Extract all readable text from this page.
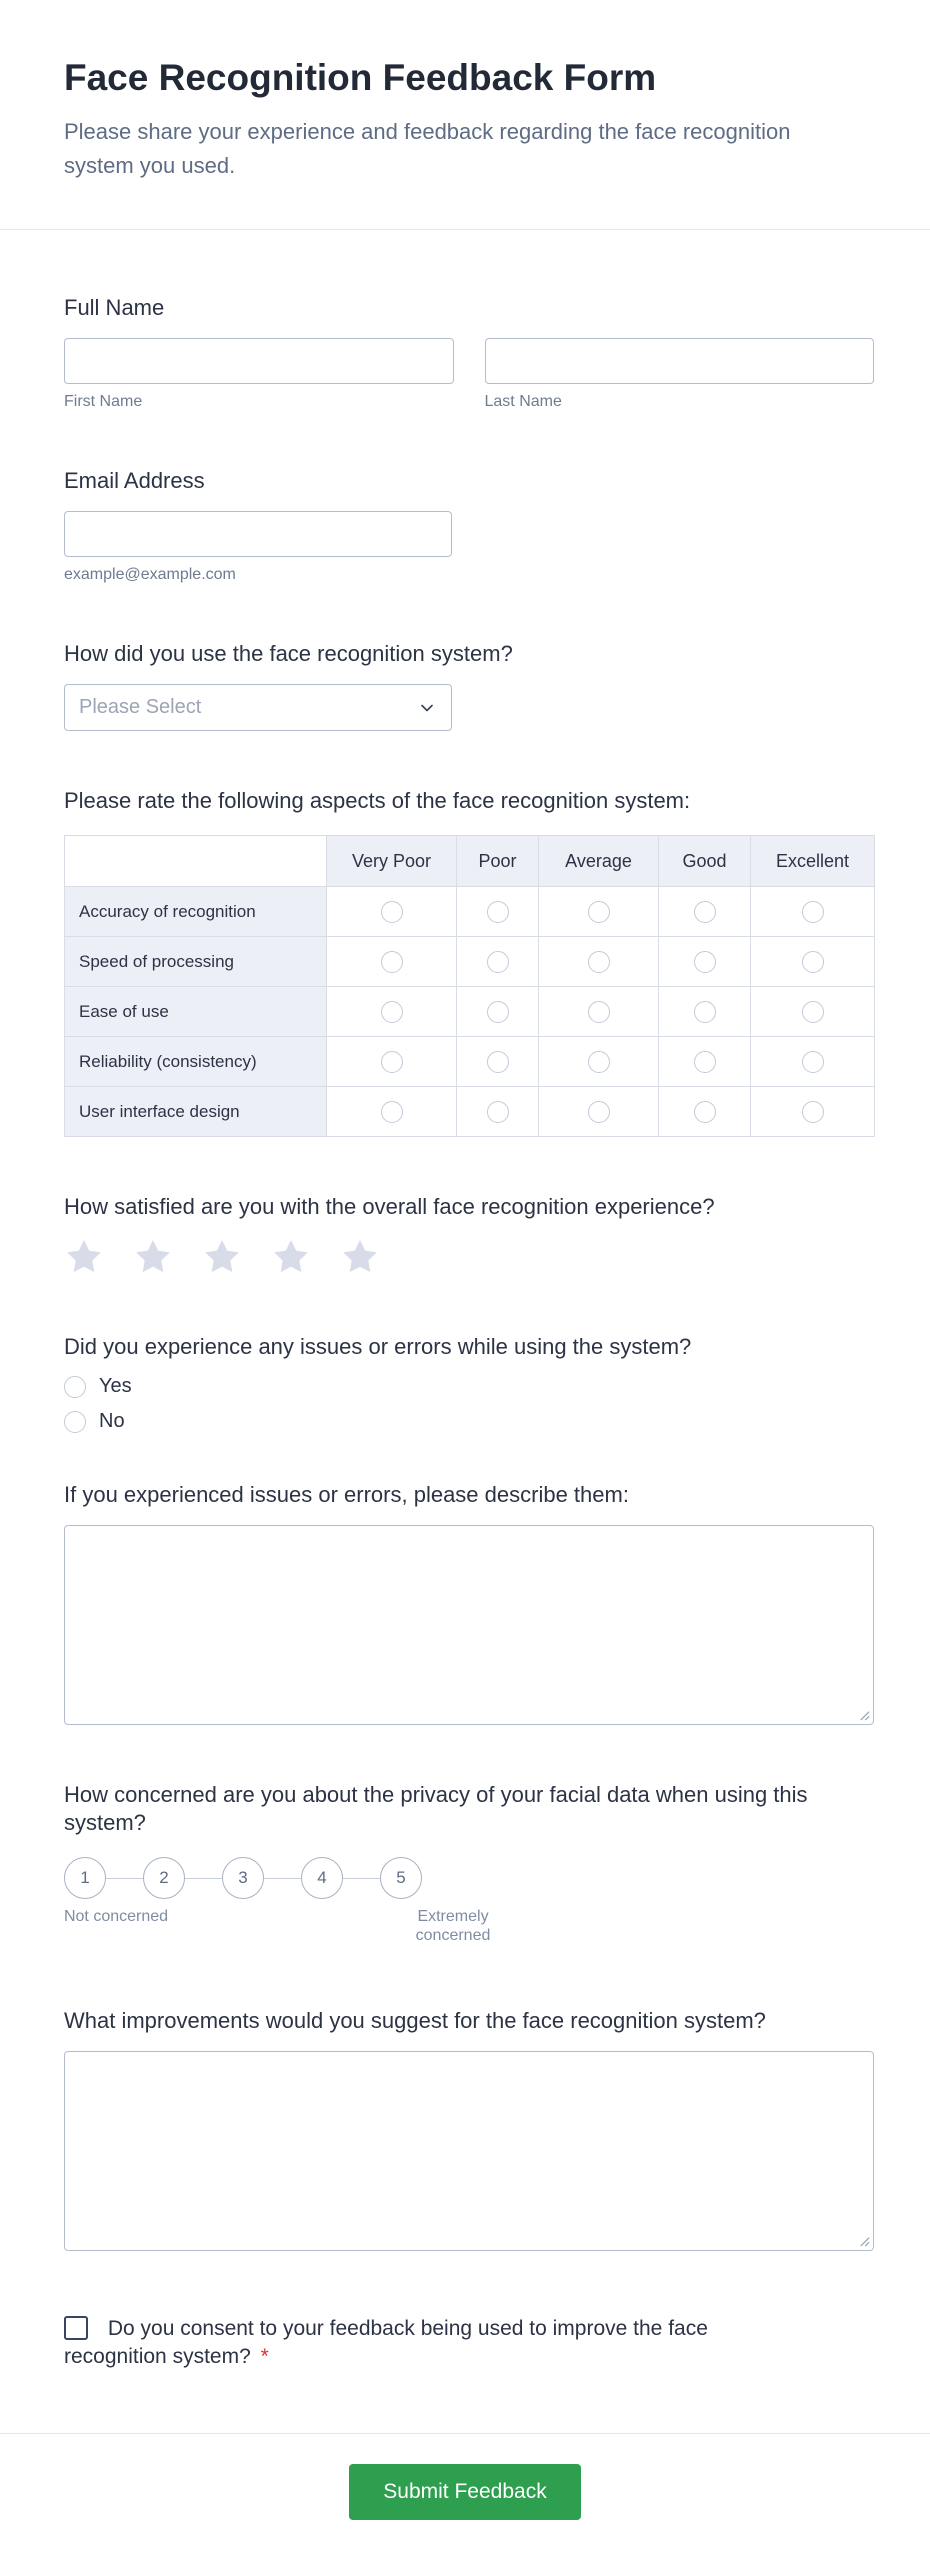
Face Recognition Feedback Form
Please share your experience and feedback regarding the face recognition system you used.
Full Name
First Name	Last Name
Email Address
example@example.com
How did you use the face recognition system?
Please Select
Please rate the following aspects of the face recognition system:
	Very Poor	Poor	Average	Good	Excellent
Accuracy of recognition					
Speed of processing					
Ease of use					
Reliability (consistency)					
User interface design					
How satisfied are you with the overall face recognition experience?
Did you experience any issues or errors while using the system?
Yes
No
If you experienced issues or errors, please describe them:
How concerned are you about the privacy of your facial data when using this system?
1	2	3	4	5
Not concerned	Extremely concerned
What improvements would you suggest for the face recognition system?
Do you consent to your feedback being used to improve the face recognition system? *
Submit Feedback
